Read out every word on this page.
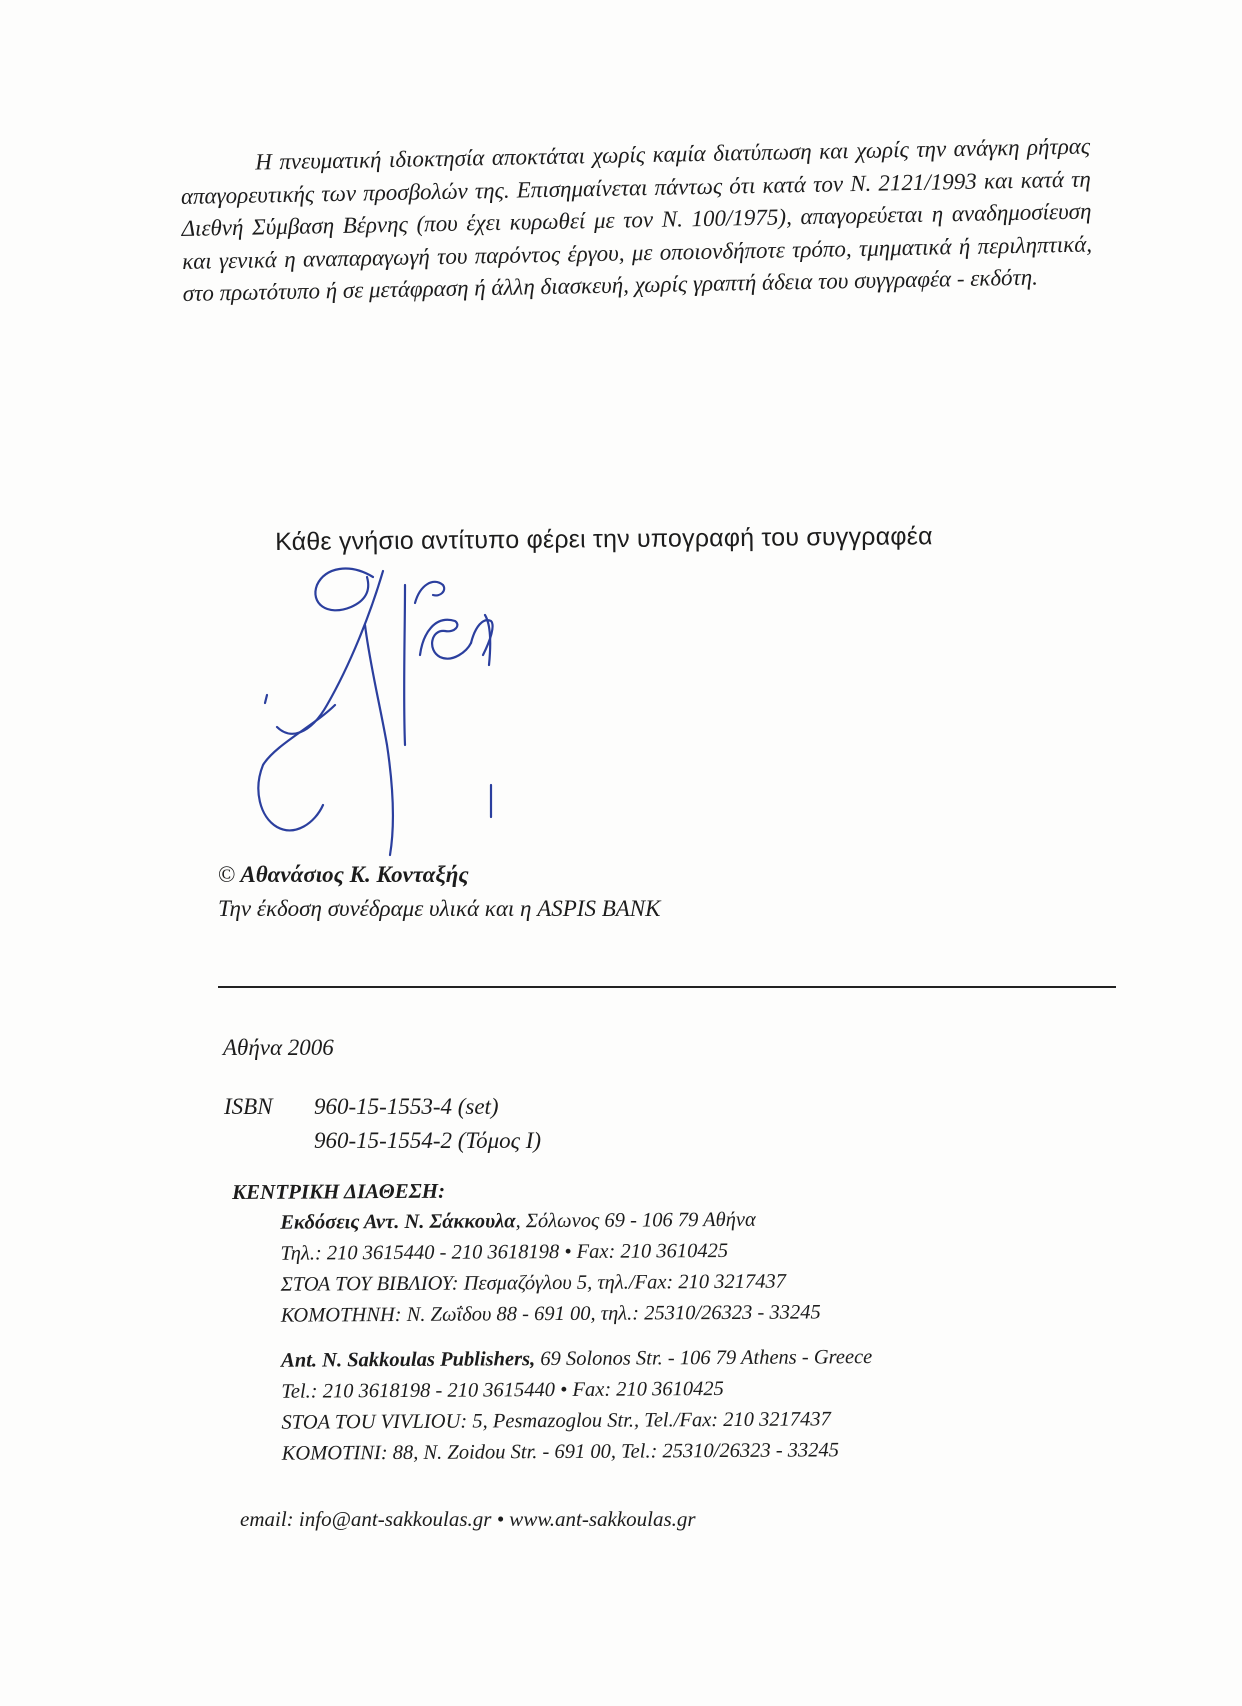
Η πνευματική ιδιοκτησία αποκτάται χωρίς καμία διατύπωση και χωρίς την ανάγκη ρήτρας απαγορευτικής των προσβολών της. Επισημαίνεται πάντως ότι κατά τον Ν. 2121/1993 και κατά τη Διεθνή Σύμβαση Βέρνης (που έχει κυρωθεί με τον Ν. 100/1975), απαγορεύεται η αναδημοσίευση και γενικά η αναπαραγωγή του παρόντος έργου, με οποιονδήποτε τρόπο, τμηματικά ή περιληπτικά, στο πρωτότυπο ή σε μετάφραση ή άλλη διασκευή, χωρίς γραπτή άδεια του συγγραφέα - εκδότη.

Κάθε γνήσιο αντίτυπο φέρει την υπογραφή του συγγραφέα
© Αθανάσιος Κ. Κονταξής
Την έκδοση συνέδραμε υλικά και η ASPIS BANK
Αθήνα 2006
ISBN 960-15-1553-4 (set)
960-15-1554-2 (Τόμος Ι)
ΚΕΝΤΡΙΚΗ ΔΙΑΘΕΣΗ:
Εκδόσεις Αντ. Ν. Σάκκουλα, Σόλωνος 69 - 106 79 Αθήνα
Τηλ.: 210 3615440 - 210 3618198 • Fax: 210 3610425
ΣΤΟΑ ΤΟΥ ΒΙΒΛΙΟΥ: Πεσμαζόγλου 5, τηλ./Fax: 210 3217437
ΚΟΜΟΤΗΝΗ: Ν. Ζωΐδου 88 - 691 00, τηλ.: 25310/26323 - 33245
Ant. N. Sakkoulas Publishers, 69 Solonos Str. - 106 79 Athens - Greece
Tel.: 210 3618198 - 210 3615440 • Fax: 210 3610425
STOA TOU VIVLIOU: 5, Pesmazoglou Str., Tel./Fax: 210 3217437
KOMOTINI: 88, N. Zoidou Str. - 691 00, Tel.: 25310/26323 - 33245
email: info@ant-sakkoulas.gr • www.ant-sakkoulas.gr
